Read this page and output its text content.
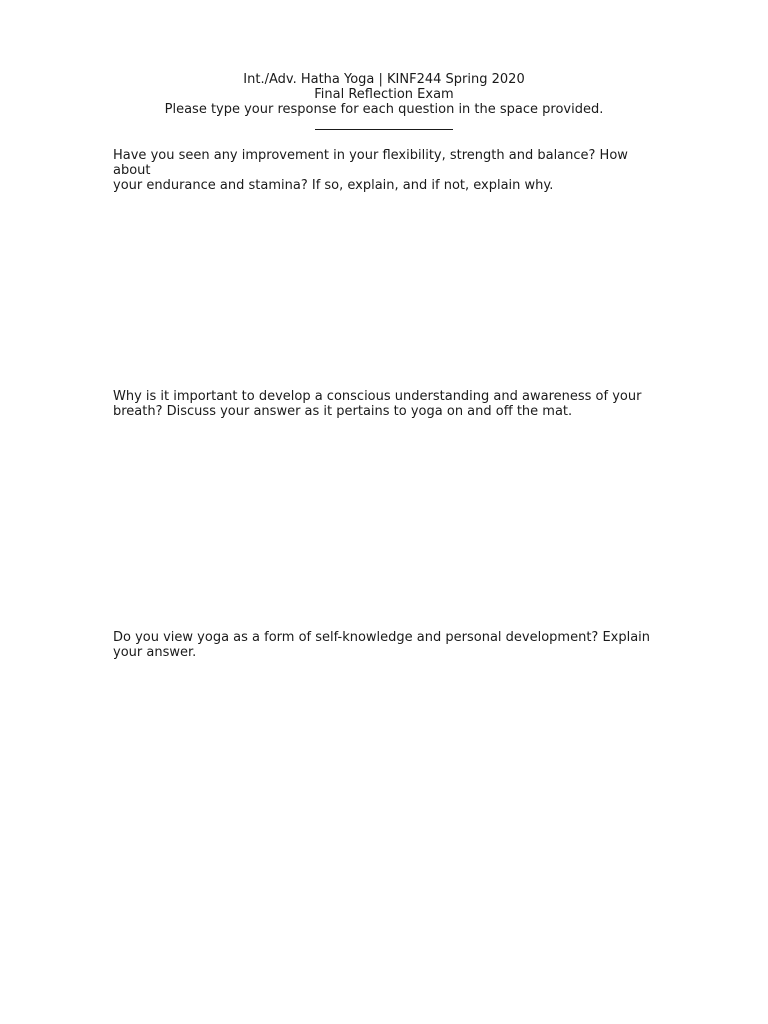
Int./Adv. Hatha Yoga | KINF244 Spring 2020
Final Reflection Exam
Please type your response for each question in the space provided.
Have you seen any improvement in your flexibility, strength and balance? How about
your endurance and stamina? If so, explain, and if not, explain why.
Why is it important to develop a conscious understanding and awareness of your
breath? Discuss your answer as it pertains to yoga on and off the mat.
Do you view yoga as a form of self-knowledge and personal development? Explain
your answer.
